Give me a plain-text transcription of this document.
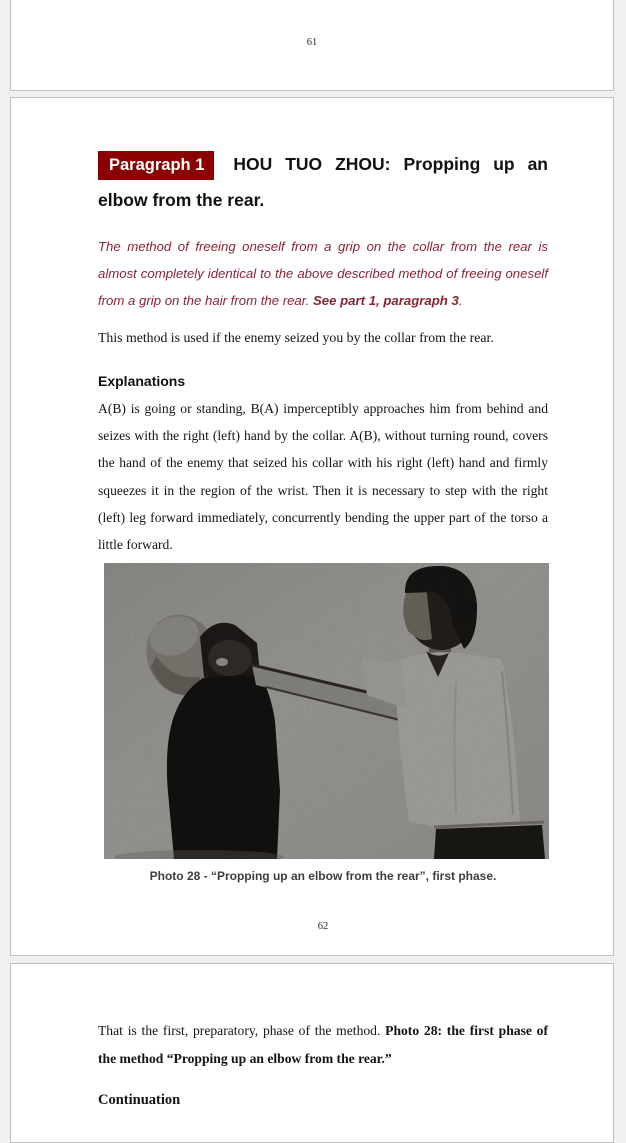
61
Paragraph 1 HOU TUO ZHOU: Propping up an elbow from the rear.

The method of freeing oneself from a grip on the collar from the rear is almost completely identical to the above described method of freeing oneself from a grip on the hair from the rear. See part 1, paragraph 3.

This method is used if the enemy seized you by the collar from the rear.

Explanations

A(B) is going or standing, B(A) imperceptibly approaches him from behind and seizes with the right (left) hand by the collar. A(B), without turning round, covers the hand of the enemy that seized his collar with his right (left) hand and firmly squeezes it in the region of the wrist. Then it is necessary to step with the right (left) leg forward immediately, concurrently bending the upper part of the torso a little forward.

Photo 28 - “Propping up an elbow from the rear”, first phase.
62

That is the first, preparatory, phase of the method. Photo 28: the first phase of the method “Propping up an elbow from the rear.”

Continuation
